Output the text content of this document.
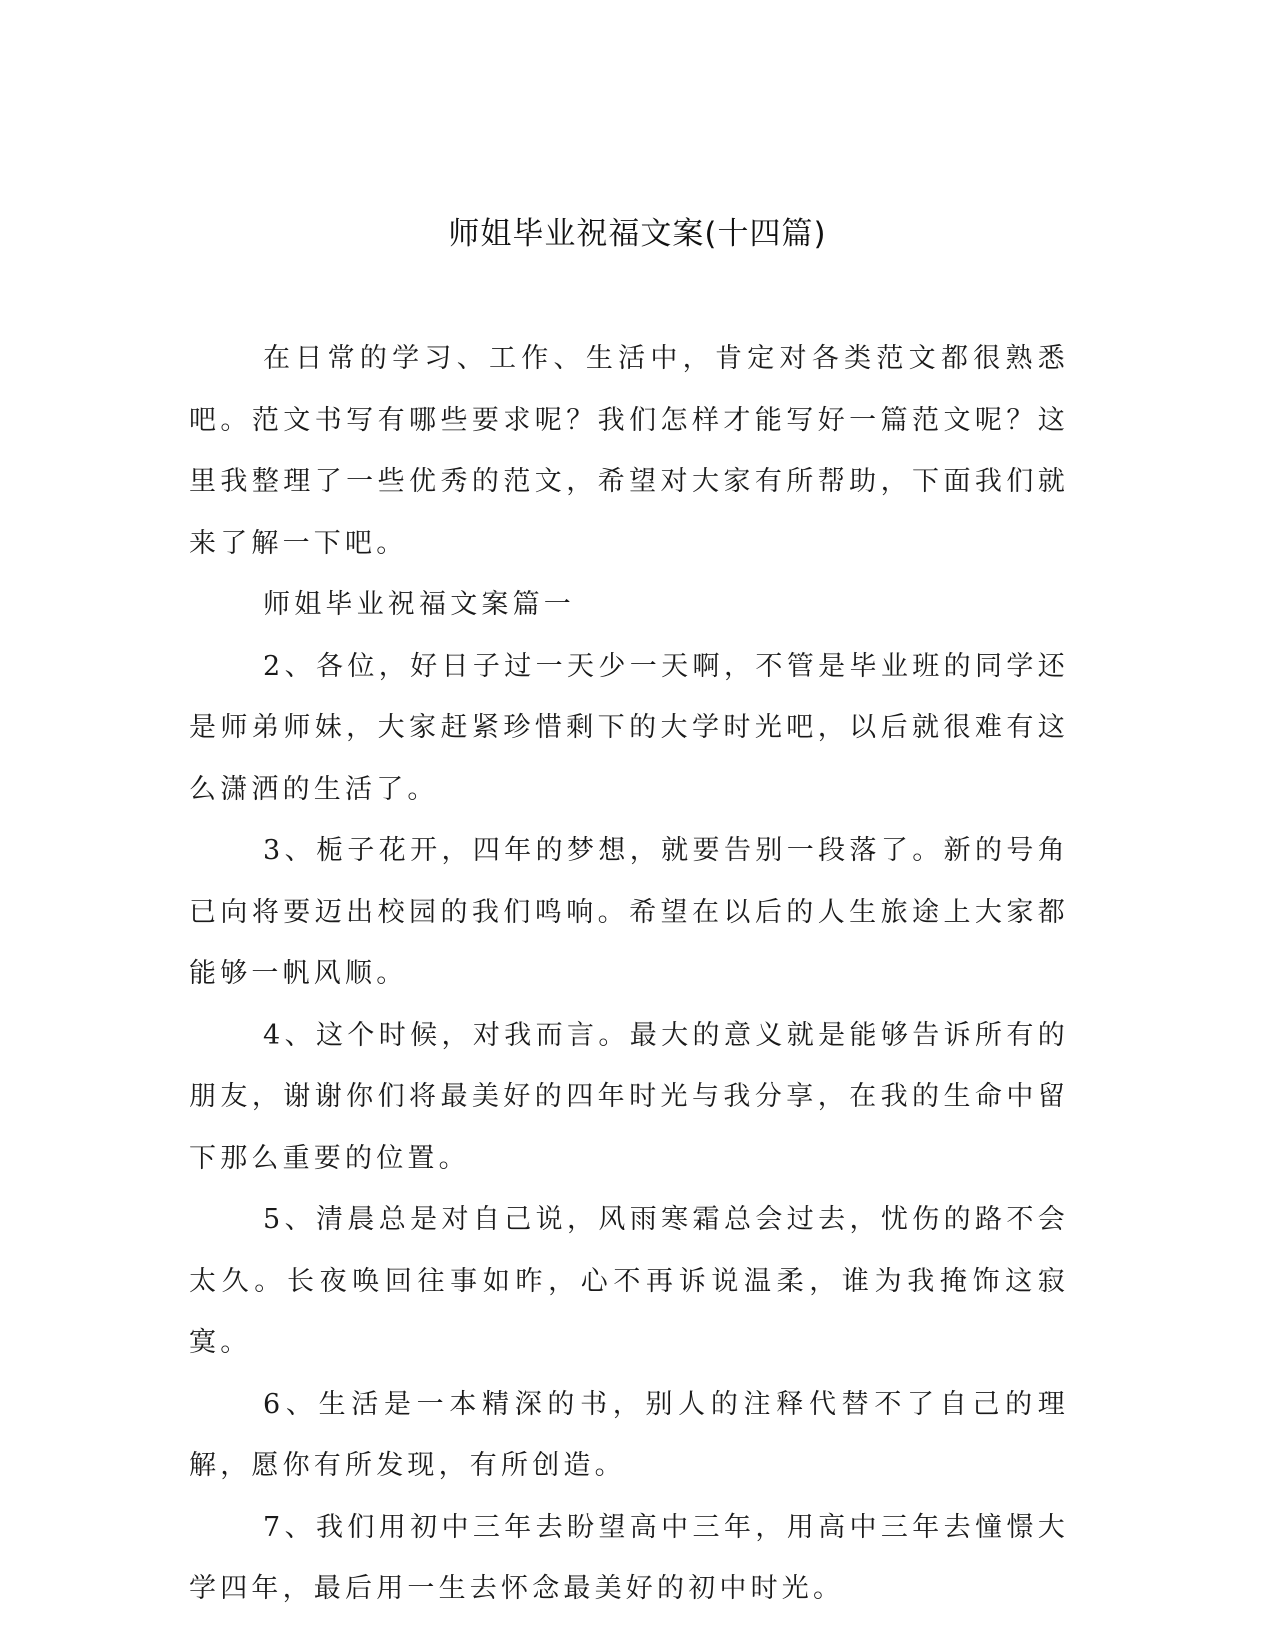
师姐毕业祝福文案(十四篇)

在日常的学习、工作、生活中，肯定对各类范文都很熟悉吧。范文书写有哪些要求呢？我们怎样才能写好一篇范文呢？这里我整理了一些优秀的范文，希望对大家有所帮助，下面我们就来了解一下吧。

师姐毕业祝福文案篇一

2、各位，好日子过一天少一天啊，不管是毕业班的同学还是师弟师妹，大家赶紧珍惜剩下的大学时光吧，以后就很难有这么潇洒的生活了。

3、栀子花开，四年的梦想，就要告别一段落了。新的号角已向将要迈出校园的我们鸣响。希望在以后的人生旅途上大家都能够一帆风顺。

4、这个时候，对我而言。最大的意义就是能够告诉所有的朋友，谢谢你们将最美好的四年时光与我分享，在我的生命中留下那么重要的位置。

5、清晨总是对自己说，风雨寒霜总会过去，忧伤的路不会太久。长夜唤回往事如昨，心不再诉说温柔，谁为我掩饰这寂寞。

6、生活是一本精深的书，别人的注释代替不了自己的理解，愿你有所发现，有所创造。

7、我们用初中三年去盼望高中三年，用高中三年去憧憬大学四年，最后用一生去怀念最美好的初中时光。
